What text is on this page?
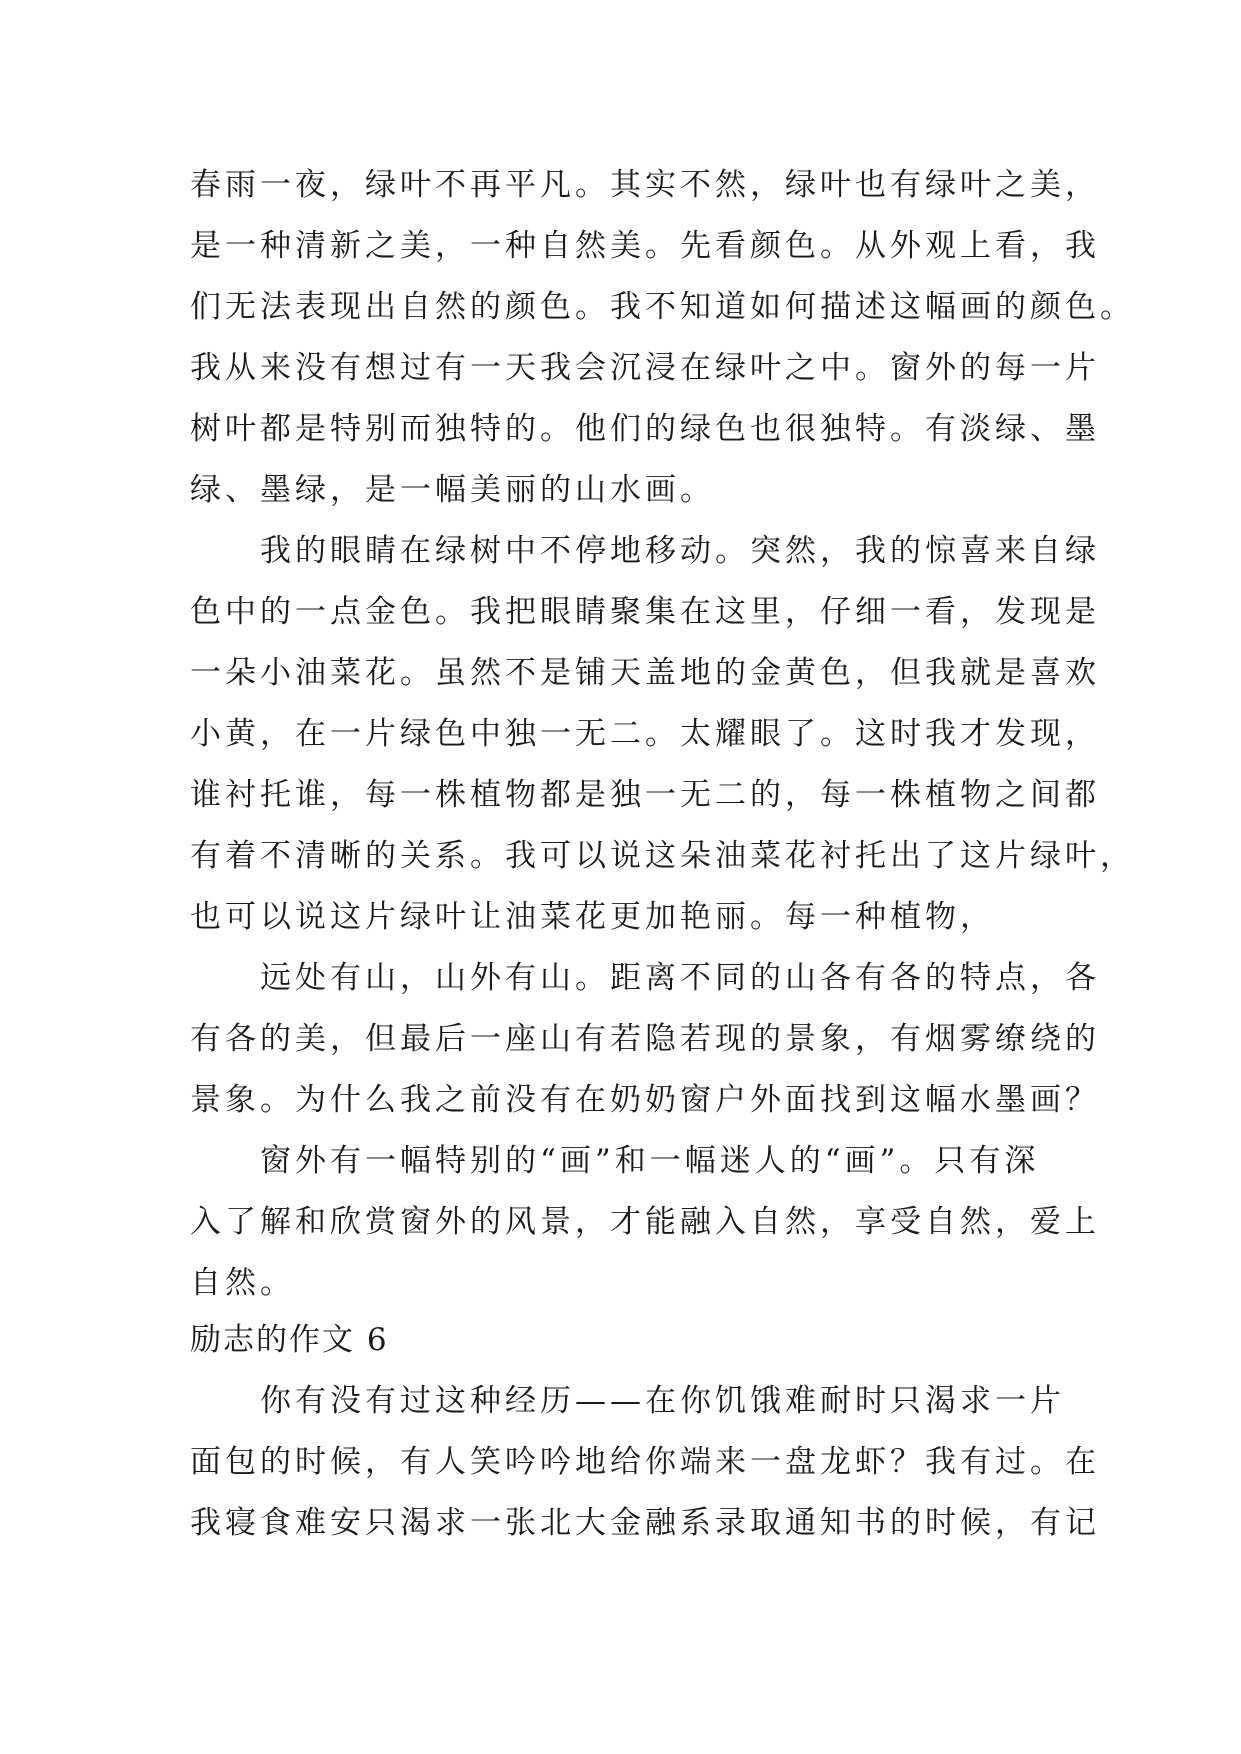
春雨一夜，绿叶不再平凡。其实不然，绿叶也有绿叶之美，
是一种清新之美，一种自然美。先看颜色。从外观上看，我
们无法表现出自然的颜色。我不知道如何描述这幅画的颜色。
我从来没有想过有一天我会沉浸在绿叶之中。窗外的每一片
树叶都是特别而独特的。他们的绿色也很独特。有淡绿、墨
绿、墨绿，是一幅美丽的山水画。
　　我的眼睛在绿树中不停地移动。突然，我的惊喜来自绿
色中的一点金色。我把眼睛聚集在这里，仔细一看，发现是
一朵小油菜花。虽然不是铺天盖地的金黄色，但我就是喜欢
小黄，在一片绿色中独一无二。太耀眼了。这时我才发现，
谁衬托谁，每一株植物都是独一无二的，每一株植物之间都
有着不清晰的关系。我可以说这朵油菜花衬托出了这片绿叶，
也可以说这片绿叶让油菜花更加艳丽。每一种植物，
　　远处有山，山外有山。距离不同的山各有各的特点，各
有各的美，但最后一座山有若隐若现的景象，有烟雾缭绕的
景象。为什么我之前没有在奶奶窗户外面找到这幅水墨画？
　　窗外有一幅特别的“画”和一幅迷人的“画”。只有深
入了解和欣赏窗外的风景，才能融入自然，享受自然，爱上
自然。
励志的作文 6
　　你有没有过这种经历——在你饥饿难耐时只渴求一片
面包的时候，有人笑吟吟地给你端来一盘龙虾？我有过。在
我寝食难安只渴求一张北大金融系录取通知书的时候，有记
